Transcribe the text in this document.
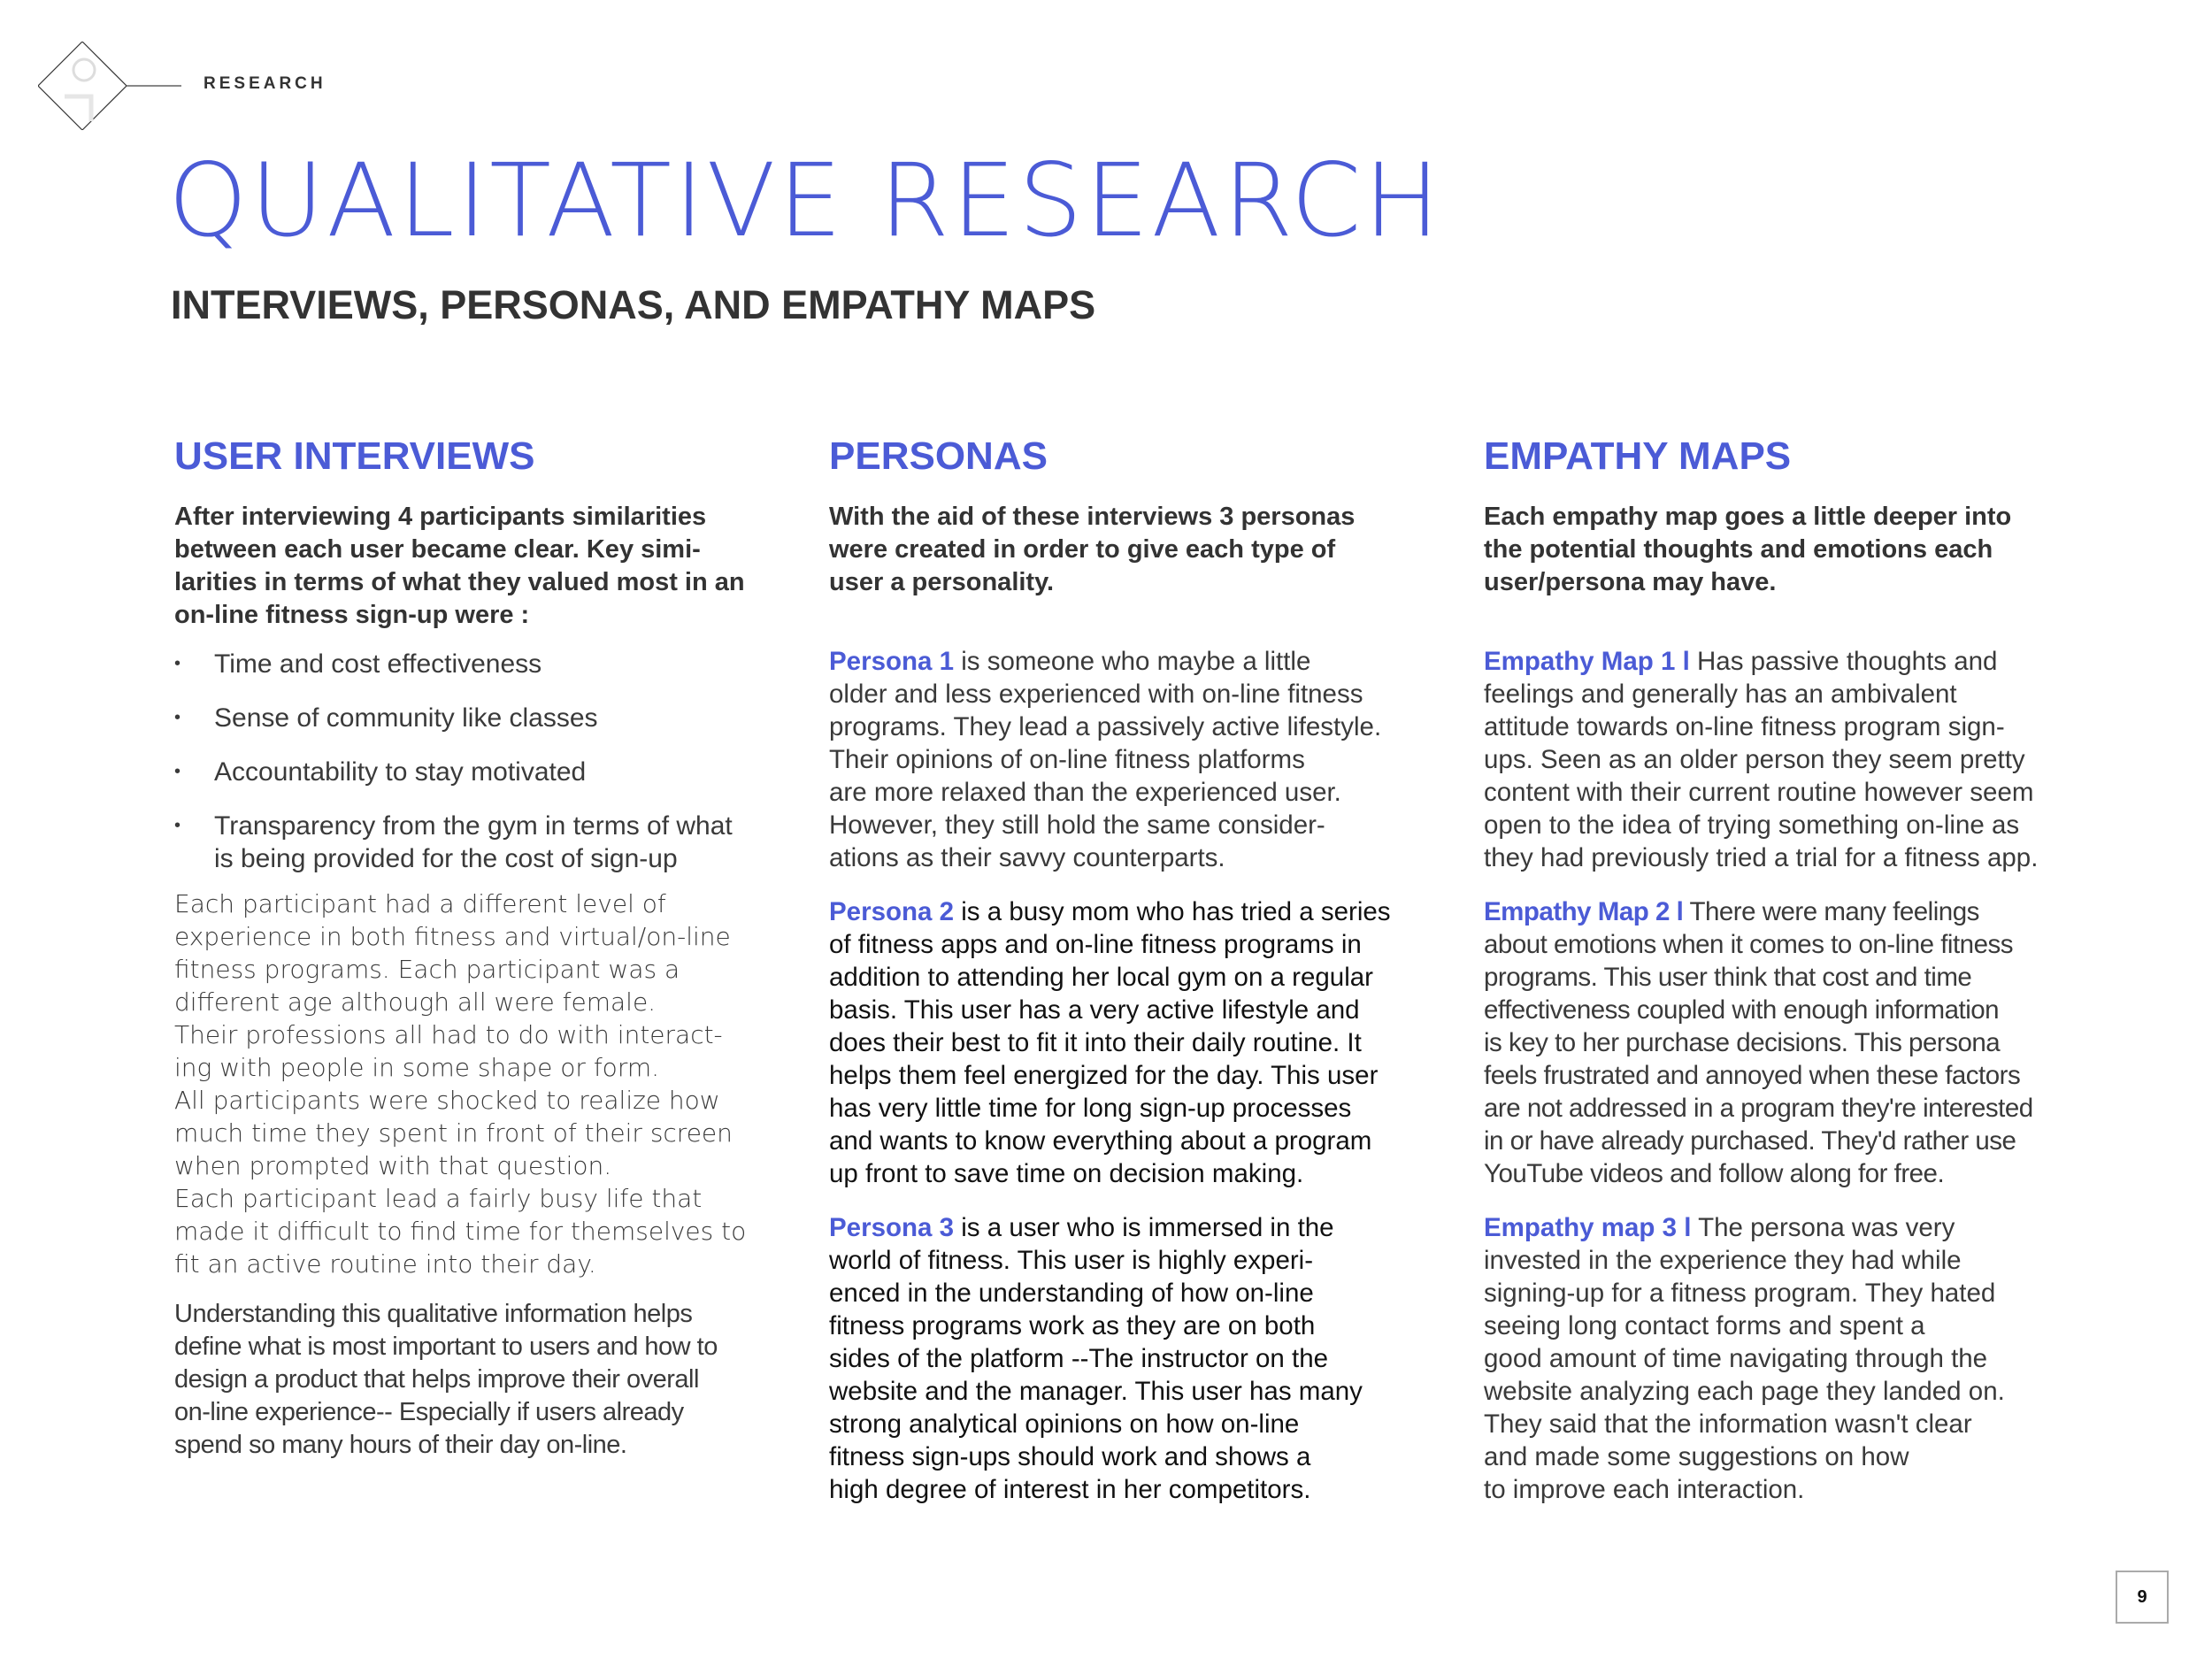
RESEARCH
QUALITATIVE RESEARCH
INTERVIEWS, PERSONAS, AND EMPATHY MAPS
USER INTERVIEWS

After interviewing 4 participants similarities
between each user became clear. Key simi-
larities in terms of what they valued most in an
on-line fitness sign-up were :

• Time and cost effectiveness
• Sense of community like classes
• Accountability to stay motivated
• Transparency from the gym in terms of what
is being provided for the cost of sign-up

Each participant had a different level of
experience in both fitness and virtual/on-line
fitness programs. Each participant was a
different age although all were female.
Their professions all had to do with interact-
ing with people in some shape or form.
All participants were shocked to realize how
much time they spent in front of their screen
when prompted with that question.
Each participant lead a fairly busy life that
made it difficult to find time for themselves to
fit an active routine into their day.

Understanding this qualitative information helps
define what is most important to users and how to
design a product that helps improve their overall
on-line experience-- Especially if users already
spend so many hours of their day on-line.

PERSONAS

With the aid of these interviews 3 personas
were created in order to give each type of
user a personality.

Persona 1 is someone who maybe a little
older and less experienced with on-line fitness
programs. They lead a passively active lifestyle.
Their opinions of on-line fitness platforms
are more relaxed than the experienced user.
However, they still hold the same consider-
ations as their savvy counterparts.

Persona 2 is a busy mom who has tried a series
of fitness apps and on-line fitness programs in
addition to attending her local gym on a regular
basis. This user has a very active lifestyle and
does their best to fit it into their daily routine. It
helps them feel energized for the day. This user
has very little time for long sign-up processes
and wants to know everything about a program
up front to save time on decision making.

Persona 3 is a user who is immersed in the
world of fitness. This user is highly experi-
enced in the understanding of how on-line
fitness programs work as they are on both
sides of the platform --The instructor on the
website and the manager. This user has many
strong analytical opinions on how on-line
fitness sign-ups should work and shows a
high degree of interest in her competitors.

EMPATHY MAPS

Each empathy map goes a little deeper into
the potential thoughts and emotions each
user/persona may have.

Empathy Map 1 l Has passive thoughts and
feelings and generally has an ambivalent
attitude towards on-line fitness program sign-
ups. Seen as an older person they seem pretty
content with their current routine however seem
open to the idea of trying something on-line as
they had previously tried a trial for a fitness app.

Empathy Map 2 l There were many feelings
about emotions when it comes to on-line fitness
programs. This user think that cost and time
effectiveness coupled with enough information
is key to her purchase decisions. This persona
feels frustrated and annoyed when these factors
are not addressed in a program they're interested
in or have already purchased. They'd rather use
YouTube videos and follow along for free.

Empathy map 3 l The persona was very
invested in the experience they had while
signing-up for a fitness program. They hated
seeing long contact forms and spent a
good amount of time navigating through the
website analyzing each page they landed on.
They said that the information wasn't clear
and made some suggestions on how
to improve each interaction.

9
